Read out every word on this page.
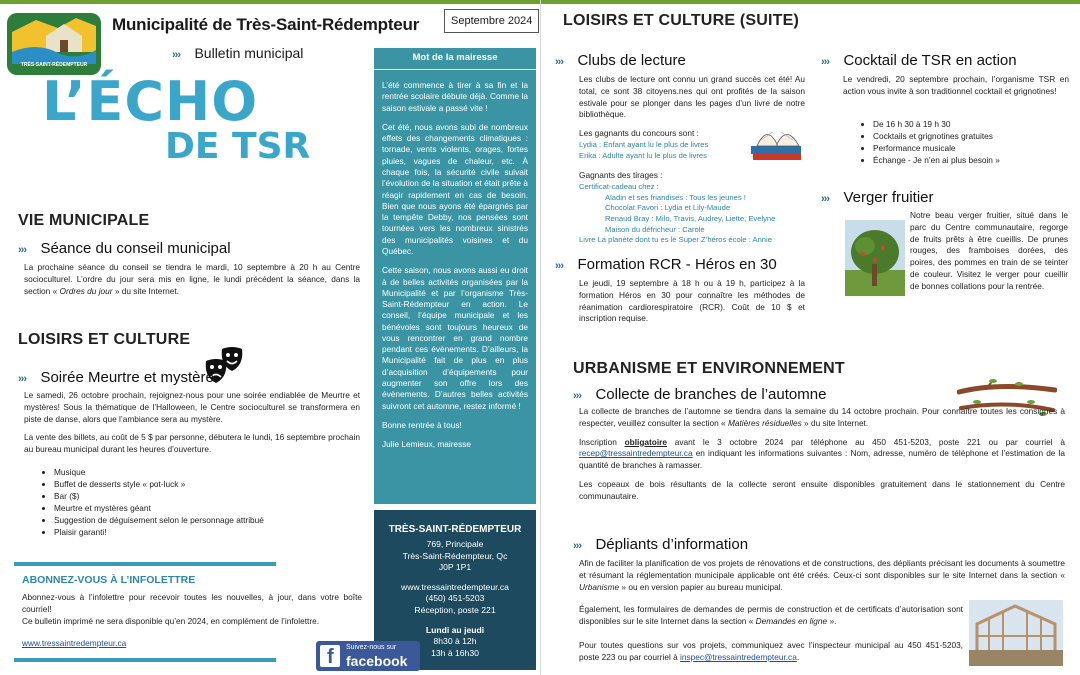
TRÈS-SAINT-RÉDEMPTEUR
Municipalité de Très-Saint-Rédempteur	Septembre 2024
››› Bulletin municipal
L’ÉCHO
DE TSR
VIE MUNICIPALE
››› Séance du conseil municipal
La prochaine séance du conseil se tiendra le mardi, 10 septembre à 20 h au Centre socioculturel. L’ordre du jour sera mis en ligne, le lundi précédent la séance, dans la section « Ordres du jour » du site Internet.
LOISIRS ET CULTURE
››› Soirée Meurtre et mystère

Le samedi, 26 octobre prochain, rejoignez-nous pour une soirée endiablée de Meurtre et mystères! Sous la thématique de l’Halloween, le Centre socioculturel se transformera en piste de danse, alors que l’ambiance sera au mystère.

La vente des billets, au coût de 5 $ par personne, débutera le lundi, 16 septembre prochain au bureau municipal durant les heures d’ouverture.

• Musique
• Buffet de desserts style « pot-luck »
• Bar ($)
• Meurtre et mystères géant
• Suggestion de déguisement selon le personnage attribué
• Plaisir garanti!
ABONNEZ-VOUS À L’INFOLETTRE
Abonnez-vous à l’infolettre pour recevoir toutes les nouvelles, à jour, dans votre boîte courriel!
Ce bulletin imprimé ne sera disponible qu’en 2024, en complément de l’infolettre.
www.tressaintredempteur.ca
Mot de la mairesse

L’été commence à tirer à sa fin et la rentrée scolaire débute déjà. Comme la saison estivale a passé vite !

Cet été, nous avons subi de nombreux effets des changements climatiques : tornade, vents violents, orages, fortes pluies, vagues de chaleur, etc. À chaque fois, la sécurité civile suivait l’évolution de la situation et était prête à réagir rapidement en cas de besoin. Bien que nous ayons été épargnés par la tempête Debby, nos pensées sont tournées vers les nombreux sinistrés des municipalités voisines et du Québec.

Cette saison, nous avons aussi eu droit à de belles activités organisées par la Municipalité et par l’organisme Très-Saint-Rédempteur en action. Le conseil, l’équipe municipale et les bénévoles sont toujours heureux de vous rencontrer en grand nombre pendant ces évènements. D’ailleurs, la Municipalité fait de plus en plus d’acquisition d’équipements pour augmenter son offre lors des évènements. D’autres belles activités suivront cet automne, restez informé !

Bonne rentrée à tous!

Julie Lemieux, mairesse

TRÈS-SAINT-RÉDEMPTEUR
769, Principale
Très-Saint-Rédempteur, Qc
J0P 1P1
www.tressaintredempteur.ca
(450) 451-5203
Réception, poste 221
Lundi au jeudi
8h30 à 12h
13h à 16h30
f Suivez-nous sur
facebook
LOISIRS ET CULTURE (SUITE)
››› Clubs de lecture
Les clubs de lecture ont connu un grand succès cet été! Au total, ce sont 38 citoyens.nes qui ont profités de la saison estivale pour se plonger dans les pages d’un livre de notre bibliothèque.
Les gagnants du concours sont :
Lydia : Enfant ayant lu le plus de livres
Erika : Adulte ayant lu le plus de livres
Gagnants des tirages :
Certificat-cadeau chez :
Aladin et ses friandises : Tous les jeunes !
Chocolat Favori : Lydia et Lily-Maude
Renaud Bray : Milo, Travis, Audrey, Liette, Evelyne
Maison du défricheur : Carole
Livre La planète dont tu es le Super Z’héros école : Annie
››› Formation RCR - Héros en 30
Le jeudi, 19 septembre à 18 h ou à 19 h, participez à la formation Héros en 30 pour connaître les méthodes de réanimation cardiorespiratoire (RCR). Coût de 10 $ et inscription requise.
››› Cocktail de TSR en action
Le vendredi, 20 septembre prochain, l’organisme TSR en action vous invite à son traditionnel cocktail et grignotines!
• De 16 h 30 à 19 h 30
• Cocktails et grignotines gratuites
• Performance musicale
• Échange - Je n’en ai plus besoin »
››› Verger fruitier
Notre beau verger fruitier, situé dans le parc du Centre communautaire, regorge de fruits prêts à être cueillis. De prunes rouges, des framboises dorées, des poires, des pommes en train de se teinter de couleur. Visitez le verger pour cueillir de bonnes collations pour la rentrée.
URBANISME ET ENVIRONNEMENT
››› Collecte de branches de l’automne

La collecte de branches de l’automne se tiendra dans la semaine du 14 octobre prochain. Pour connaître toutes les consignes à respecter, veuillez consulter la section « Matières résiduelles » du site Internet.

Inscription obligatoire avant le 3 octobre 2024 par téléphone au 450 451-5203, poste 221 ou par courriel à recep@tressaintredempteur.ca en indiquant les informations suivantes : Nom, adresse, numéro de téléphone et l’estimation de la quantité de branches à ramasser.

Les copeaux de bois résultants de la collecte seront ensuite disponibles gratuitement dans le stationnement du Centre communautaire.

››› Dépliants d’information
Afin de faciliter la planification de vos projets de rénovations et de constructions, des dépliants précisant les documents à soumettre et résumant la réglementation municipale applicable ont été créés. Ceux-ci sont disponibles sur le site Internet dans la section « Urbanisme » ou en version papier au bureau municipal.
Également, les formulaires de demandes de permis de construction et de certificats d’autorisation sont disponibles sur le site Internet dans la section « Demandes en ligne ».
Pour toutes questions sur vos projets, communiquez avec l’inspecteur municipal au 450 451-5203, poste 223 ou par courriel à inspec@tressaintredempteur.ca.
